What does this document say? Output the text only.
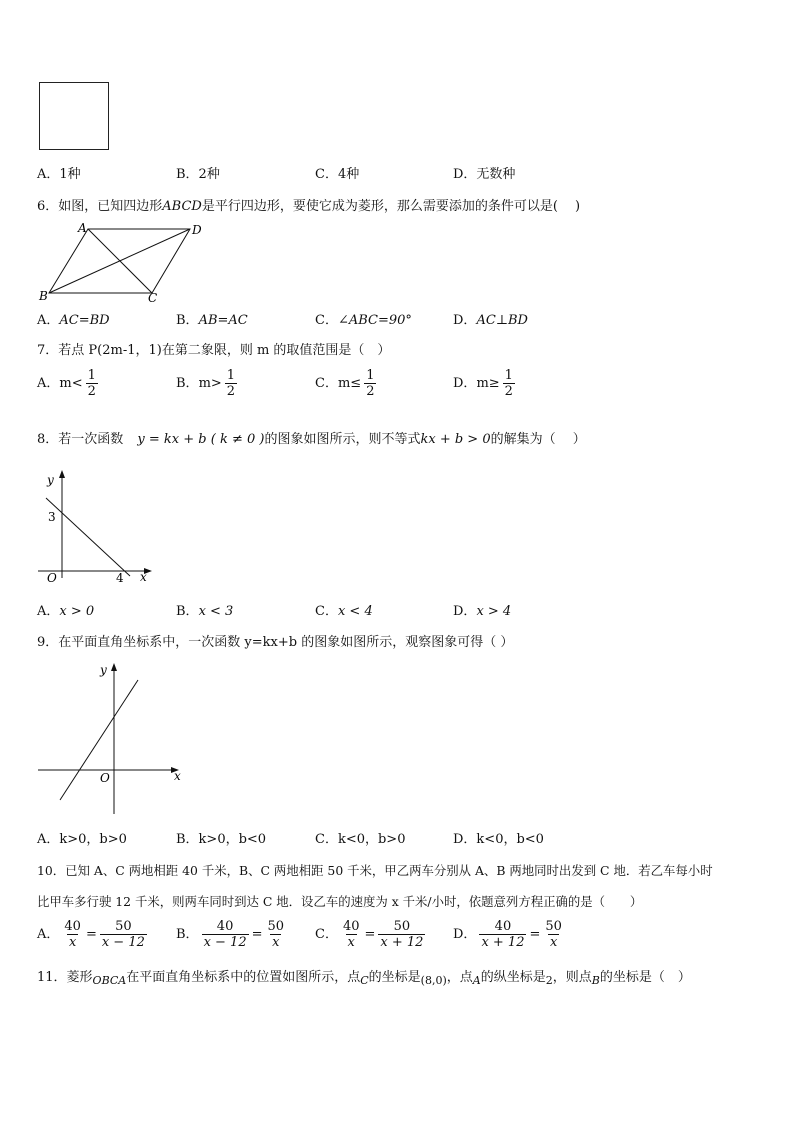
A．1种	B．2种	C．4种	D．无数种
6．如图，已知四边形ABCD是平行四边形，要使它成为菱形，那么需要添加的条件可以是(　 )
A	D
B	C
A．AC=BD	B．AB=AC	C．∠ABC=90°	D．AC⊥BD
7．若点 P(2m-1，1)在第二象限，则 m 的取值范围是（　）
A．$m< \frac{1}{2}$	B．$m> \frac{1}{2}$	C．$m\le \frac{1}{2}$	D．$m\ge \frac{1}{2}$
8．若一次函数 y = kx + b ( k ≠ 0 )的图象如图所示，则不等式kx + b > 0的解集为（　 ）
y
x
O
3
4
A．x > 0	B．x < 3	C．x < 4	D．x > 4
9．在平面直角坐标系中，一次函数 y=kx+b 的图象如图所示，观察图象可得（ ）
y
x
O
A．k>0，b>0	B．k>0，b<0	C．k<0，b>0	D．k<0，b<0
10．已知 A、C 两地相距 40 千米，B、C 两地相距 50 千米，甲乙两车分别从 A、B 两地同时出发到 C 地．若乙车每小时
比甲车多行驶 12 千米，则两车同时到达 C 地．设乙车的速度为 x 千米/小时，依题意列方程正确的是（　　）
A． $\frac{40}{x} = \frac{50}{x - 12}$ B． $\frac{40}{x - 12} = \frac{50}{x}$ C． $\frac{40}{x} = \frac{50}{x + 12}$ D． $\frac{40}{x + 12} = \frac{50}{x}$
11．菱形$_{OBCA}$在平面直角坐标系中的位置如图所示，点$_C$的坐标是$_{(8,0)}$，点$_A$的纵坐标是$_2$，则点$_B$的坐标是（　）
